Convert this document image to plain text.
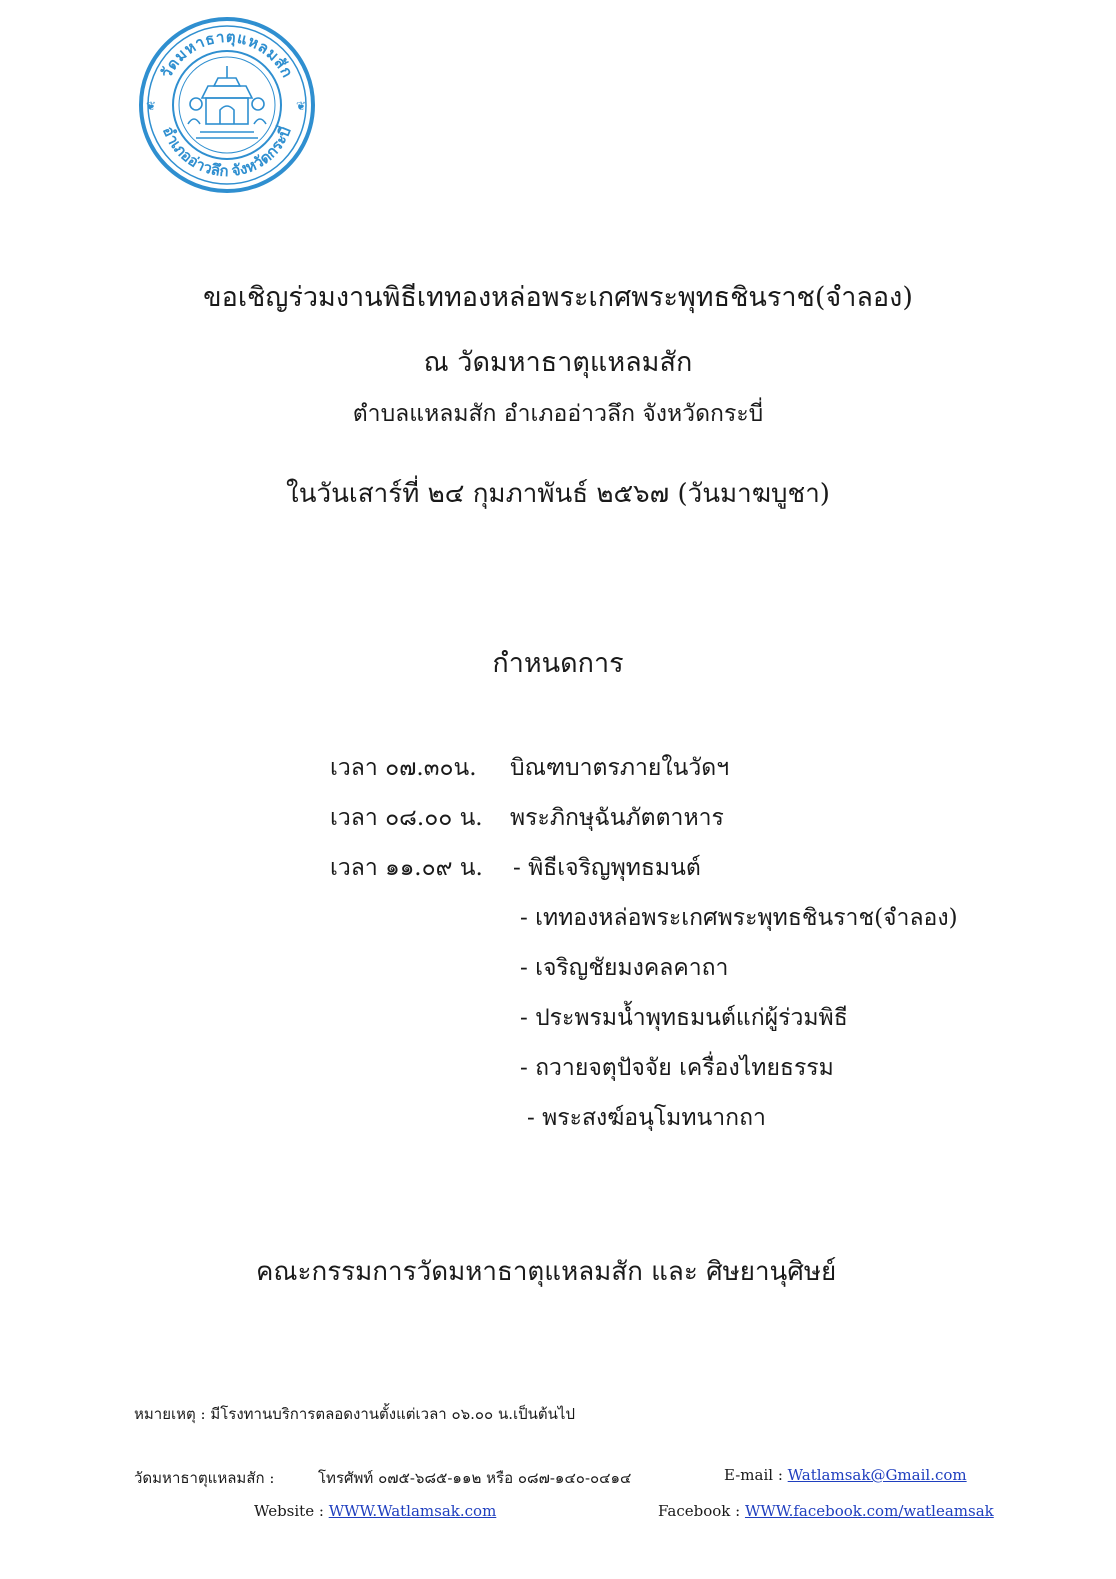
วัดมหาธาตุแหลมสัก
อำเภออ่าวลึก จังหวัดกระบี่
❦	❦
ขอเชิญร่วมงานพิธีเททองหล่อพระเกศพระพุทธชินราช(จำลอง)
ณ วัดมหาธาตุแหลมสัก
ตำบลแหลมสัก อำเภออ่าวลึก จังหวัดกระบี่
ในวันเสาร์ที่ ๒๔ กุมภาพันธ์ ๒๕๖๗ (วันมาฆบูชา)
กำหนดการ
เวลา ๐๗.๓๐น. บิณฑบาตรภายในวัดฯ
เวลา ๐๘.๐๐ น. พระภิกษุฉันภัตตาหาร
เวลา ๑๑.๐๙ น. - พิธีเจริญพุทธมนต์
- เททองหล่อพระเกศพระพุทธชินราช(จำลอง)
- เจริญชัยมงคลคาถา
- ประพรมน้ำพุทธมนต์แก่ผู้ร่วมพิธี
- ถวายจตุปัจจัย เครื่องไทยธรรม
- พระสงฆ์อนุโมทนากถา
คณะกรรมการวัดมหาธาตุแหลมสัก และ ศิษยานุศิษย์
หมายเหตุ : มีโรงทานบริการตลอดงานตั้งแต่เวลา ๐๖.๐๐ น.เป็นต้นไป
วัดมหาธาตุแหลมสัก :	โทรศัพท์ ๐๗๕-๖๘๕-๑๑๒ หรือ ๐๘๗-๑๔๐-๐๔๑๔	E-mail : Watlamsak@Gmail.com
Website : WWW.Watlamsak.com	Facebook : WWW.facebook.com/watleamsak
